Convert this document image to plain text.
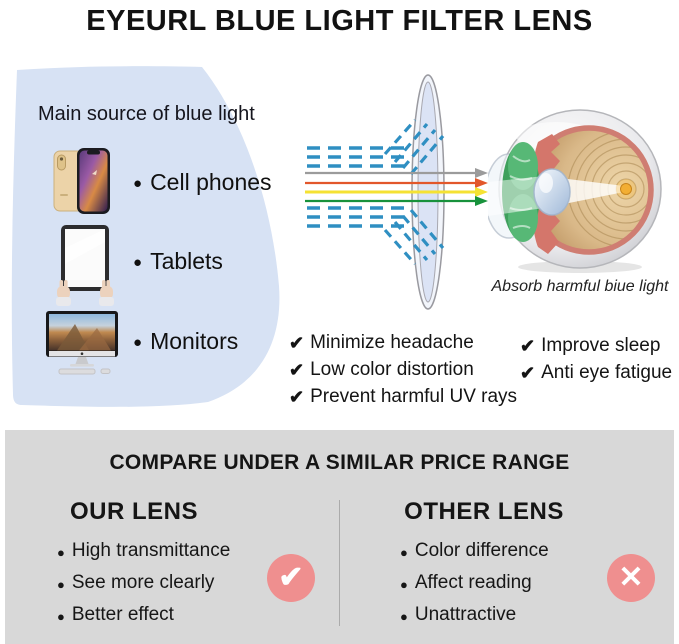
EYEURL BLUE LIGHT FILTER LENS
Main source of blue light
● Cell phones
● Tablets
● Monitors
Absorb harmful biue light
✔ Minimize headache
✔ Low color distortion
✔ Prevent harmful UV rays
✔ Improve sleep
✔ Anti eye fatigue
COMPARE UNDER A SIMILAR PRICE RANGE
OUR LENS	OTHER LENS
● High transmittance
● See more clearly
● Better effect
✔
● Color difference
● Affect reading
● Unattractive
✕
